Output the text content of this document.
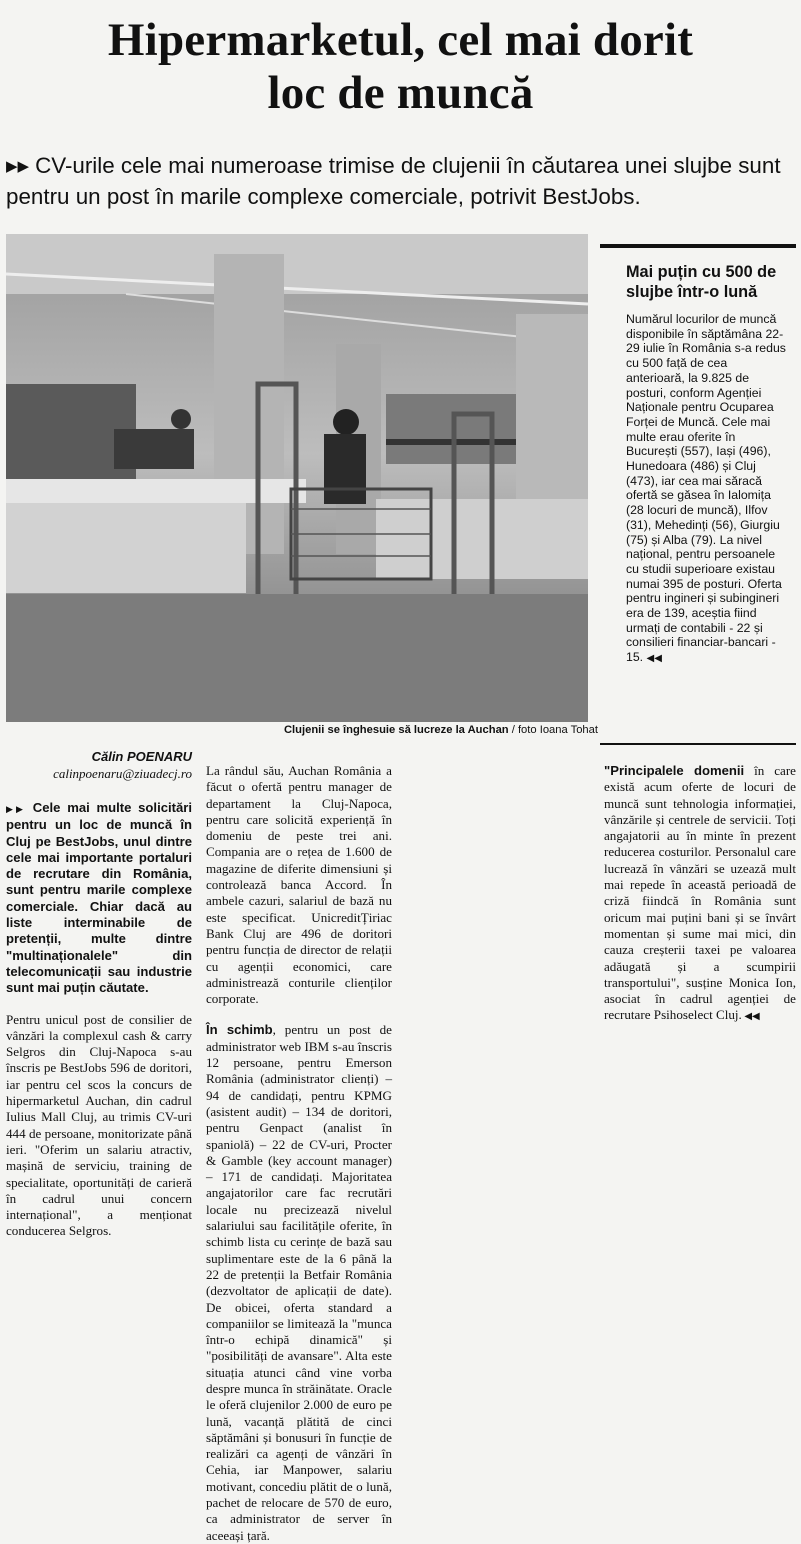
Hipermarketul, cel mai dorit
loc de muncă

▶▶ CV-urile cele mai numeroase trimise de clujenii în căutarea unei slujbe sunt pentru un post în marile complexe comerciale, potrivit BestJobs.

Clujenii se înghesuie să lucreze la Auchan / foto Ioana Tohat
Mai puțin cu 500 de slujbe într-o lună
Numărul locurilor de muncă disponibile în săptămâna 22-29 iulie în România s-a redus cu 500 față de cea anterioară, la 9.825 de posturi, conform Agenției Naționale pentru Ocuparea Forței de Muncă. Cele mai multe erau oferite în București (557), Iași (496), Hunedoara (486) și Cluj (473), iar cea mai săracă ofertă se găsea în Ialomița (28 locuri de muncă), Ilfov (31), Mehedinți (56), Giurgiu (75) și Alba (79). La nivel național, pentru persoanele cu studii superioare existau numai 395 de posturi. Oferta pentru ingineri și subingineri era de 139, aceștia fiind urmați de contabili - 22 și consilieri financiar-bancari - 15. ◀◀
Călin POENARU
calinpoenaru@ziuadecj.ro

▶▶ Cele mai multe solicitări pentru un loc de muncă în Cluj pe BestJobs, unul dintre cele mai importante portaluri de recrutare din România, sunt pentru marile complexe comerciale. Chiar dacă au liste interminabile de pretenții, multe dintre "multinaționalele" din telecomunicații sau industrie sunt mai puțin căutate.

Pentru unicul post de consilier de vânzări la complexul cash & carry Selgros din Cluj-Napoca s-au înscris pe BestJobs 596 de doritori, iar pentru cel scos la concurs de hipermarketul Auchan, din cadrul Iulius Mall Cluj, au trimis CV-uri 444 de persoane, monitorizate până ieri. "Oferim un salariu atractiv, mașină de serviciu, training de specialitate, oportunități de carieră în cadrul unui concern internațional", a menționat conducerea Selgros.

La rândul său, Auchan România a făcut o ofertă pentru manager de departament la Cluj-Napoca, pentru care solicită experiență în domeniu de peste trei ani. Compania are o rețea de 1.600 de magazine de diferite dimensiuni și controlează banca Accord. În ambele cazuri, salariul de bază nu este specificat. UnicreditȚiriac Bank Cluj are 496 de doritori pentru funcția de director de relații cu agenții economici, care administrează conturile clienților corporate.

În schimb, pentru un post de administrator web IBM s-au înscris 12 persoane, pentru Emerson România (administrator clienți) – 94 de candidați, pentru KPMG (asistent audit) – 134 de doritori, pentru Genpact (analist în spaniolă) – 22 de CV-uri, Procter & Gamble (key account manager) – 171 de candidați. Majoritatea angajatorilor care fac recrutări locale nu precizează nivelul salariului sau facilitățile oferite, în schimb lista cu cerințe de bază sau suplimentare este de la 6 până la 22 de pretenții la Betfair România (dezvoltator de aplicații de date). De obicei, oferta standard a companiilor se limitează la "munca într-o echipă dinamică" și "posibilități de avansare". Alta este situația atunci când vine vorba despre munca în străinătate. Oracle le oferă clujenilor 2.000 de euro pe lună, vacanță plătită de cinci săptămâni și bonusuri în funcție de realizări ca agenți de vânzări în Cehia, iar Manpower, salariu motivant, concediu plătit de o lună, pachet de relocare de 570 de euro, ca administrator de server în aceeași țară.

"Principalele domenii în care există acum oferte de locuri de muncă sunt tehnologia informației, vânzările și centrele de servicii. Toți angajatorii au în minte în prezent reducerea costurilor. Personalul care lucrează în vânzări se uzează mult mai repede în această perioadă de criză fiindcă în România sunt oricum mai puțini bani și se învârt momentan și sume mai mici, din cauza creșterii taxei pe valoarea adăugată și a scumpirii transportului", susține Monica Ion, asociat în cadrul agenției de recrutare Psihoselect Cluj. ◀◀
